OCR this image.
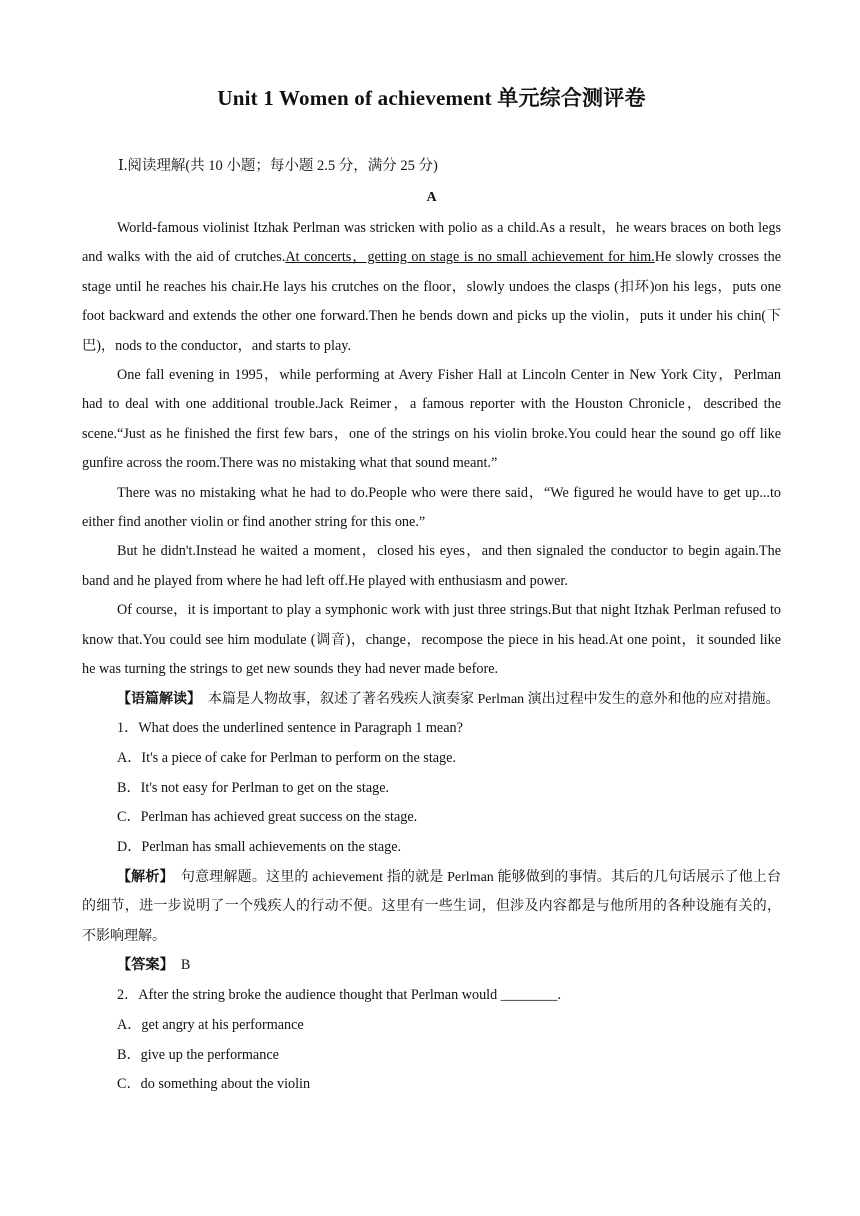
Unit 1 Women of achievement 单元综合测评卷
Ⅰ.阅读理解(共 10 小题；每小题 2.5 分，满分 25 分)
A

World-famous violinist Itzhak Perlman was stricken with polio as a child.As a result，he wears braces on both legs and walks with the aid of crutches.At concerts，getting on stage is no small achievement for him.He slowly crosses the stage until he reaches his chair.He lays his crutches on the floor，slowly undoes the clasps (扣环)on his legs，puts one foot backward and extends the other one forward.Then he bends down and picks up the violin，puts it under his chin(下巴)，nods to the conductor，and starts to play.

One fall evening in 1995，while performing at Avery Fisher Hall at Lincoln Center in New York City，Perlman had to deal with one additional trouble.Jack Reimer，a famous reporter with the Houston Chronicle，described the scene.“Just as he finished the first few bars，one of the strings on his violin broke.You could hear the sound go off like gunfire across the room.There was no mistaking what that sound meant.”

There was no mistaking what he had to do.People who were there said，“We figured he would have to get up...to either find another violin or find another string for this one.”

But he didn't.Instead he waited a moment，closed his eyes，and then signaled the conductor to begin again.The band and he played from where he had left off.He played with enthusiasm and power.

Of course，it is important to play a symphonic work with just three strings.But that night Itzhak Perlman refused to know that.You could see him modulate (调音)，change，recompose the piece in his head.At one point，it sounded like he was turning the strings to get new sounds they had never made before.

【语篇解读】　本篇是人物故事，叙述了著名残疾人演奏家 Perlman 演出过程中发生的意外和他的应对措施。

1．What does the underlined sentence in Paragraph 1 mean?
A．It's a piece of cake for Perlman to perform on the stage.
B．It's not easy for Perlman to get on the stage.
C．Perlman has achieved great success on the stage.
D．Perlman has small achievements on the stage.

【解析】　句意理解题。这里的 achievement 指的就是 Perlman 能够做到的事情。其后的几句话展示了他上台的细节，进一步说明了一个残疾人的行动不便。这里有一些生词，但涉及内容都是与他所用的各种设施有关的，不影响理解。

【答案】　B
2．After the string broke the audience thought that Perlman would ________.
A．get angry at his performance
B．give up the performance
C．do something about the violin
